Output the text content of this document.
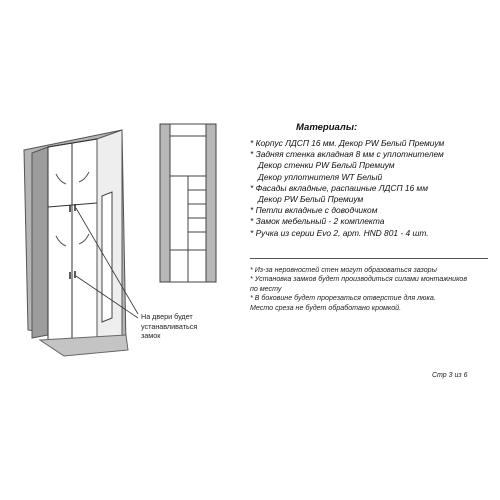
Материалы:
* Корпус ЛДСП 16 мм. Декор PW Белый Премиум
* Задняя стенка вкладная 8 мм с уплотнителем
Декор стенки PW Белый Премиум
Декор уплотнителя WT Белый
* Фасады вкладные, распашные ЛДСП 16 мм
Декор PW Белый Премиум
* Петли вкладные с доводчиком
* Замок мебельный - 2 комплекта
* Ручка из серии Evo 2, арт. HND 801 - 4 шт.
* Из-за неровностей стен могут образоваться зазоры
* Установка замков будет производиться силами монтажников
по месту
* В боковине будет прорезаться отверстие для люка.
Место среза не будет обработано кромкой.
На двери будет
устанавливаться
замок
Стр 3 из 6
